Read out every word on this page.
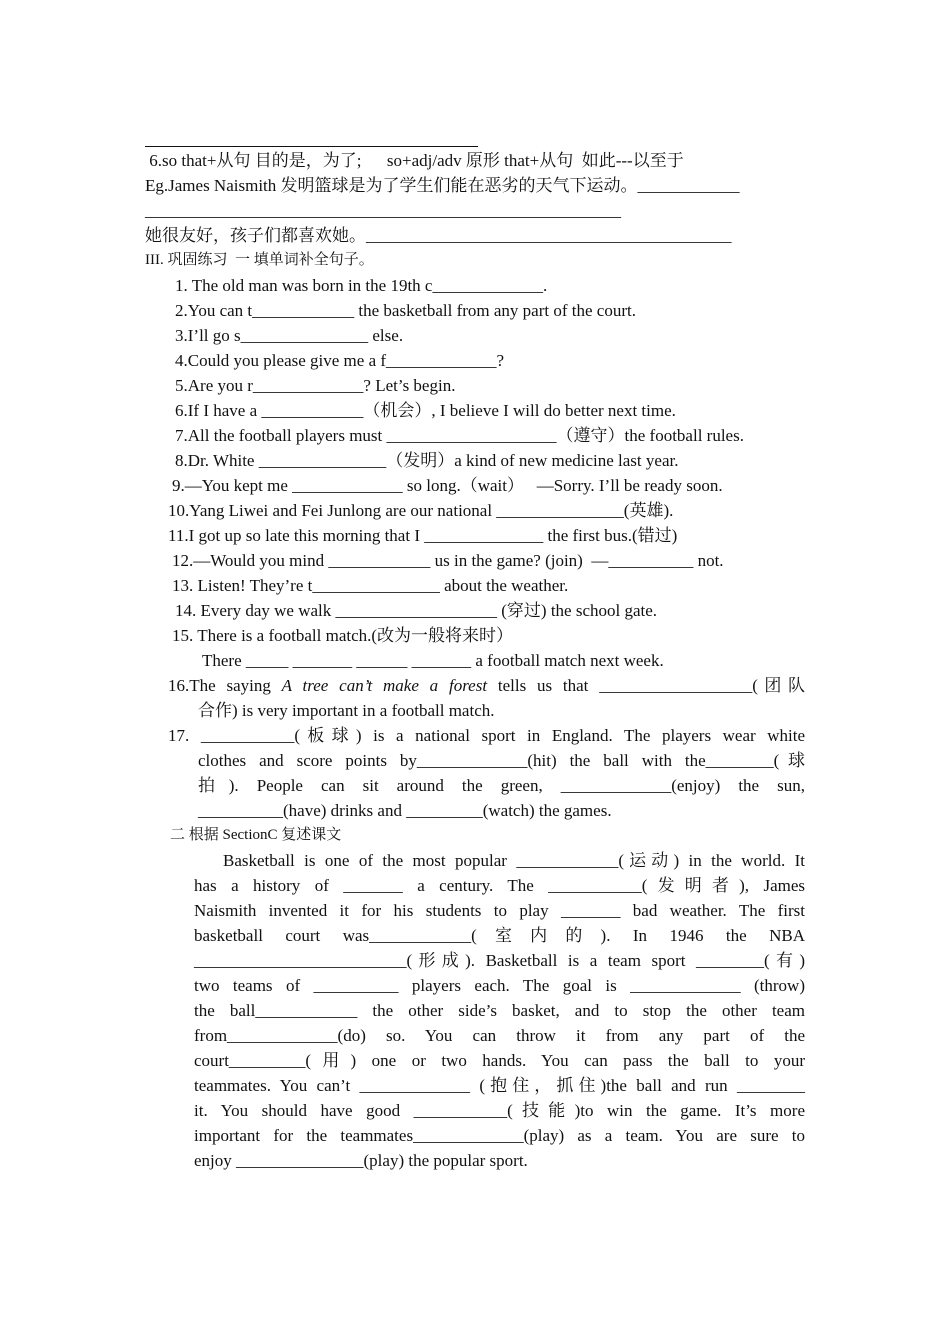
6.so that+从句 目的是，为了;      so+adj/adv 原形 that+从句  如此---以至于
Eg.James Naismith 发明篮球是为了学生们能在恶劣的天气下运动。____________
________________________________________________________
她很友好，孩子们都喜欢她。___________________________________________
III. 巩固练习  一 填单词补全句子。
1. The old man was born in the 19th c_____________.
2.You can t____________ the basketball from any part of the court.
3.I’ll go s_______________ else.
4.Could you please give me a f_____________?
5.Are you r_____________? Let’s begin.
6.If I have a ____________（机会）, I believe I will do better next time.
7.All the football players must ____________________（遵守）the football rules.
8.Dr. White _______________（发明）a kind of new medicine last year.
9.—You kept me _____________ so long.（wait）   —Sorry. I’ll be ready soon.
10.Yang Liwei and Fei Junlong are our national _______________(英雄).
11.I got up so late this morning that I ______________ the first bus.(错过)
12.—Would you mind ____________ us in the game? (join)  —__________ not.
13. Listen! They’re t_______________ about the weather.
14. Every day we walk ___________________ (穿过) the school gate.
15. There is a football match.(改为一般将来时）
There _____ _______ ______ _______ a football match next week.
16.The saying A tree can’t make a forest tells us that __________________(团队
合作) is very important in a football match.
17. ___________(板球) is a national sport in England. The players wear white
clothes and score points by_____________(hit) the ball with the________(球
拍). People can sit around the green, _____________(enjoy) the sun,
__________(have) drinks and _________(watch) the games.
二 根据 SectionC 复述课文
Basketball is one of the most popular ____________(运动) in the world. It
has a history of _______ a century. The ___________(发明者), James
Naismith invented it for his students to play _______ bad weather. The first
basketball court was____________(室内的). In 1946 the NBA
_________________________(形成). Basketball is a team sport ________(有)
two teams of __________ players each. The goal is _____________ (throw)
the ball____________ the other side’s basket, and to stop the other team
from_____________(do) so. You can throw it from any part of the
court_________(用) one or two hands. You can pass the ball to your
teammates. You can’t _____________ (抱住，抓住)the ball and run ________
it. You should have good ___________(技能)to win the game. It’s more
important for the teammates_____________(play) as a team. You are sure to
enjoy _______________(play) the popular sport.
